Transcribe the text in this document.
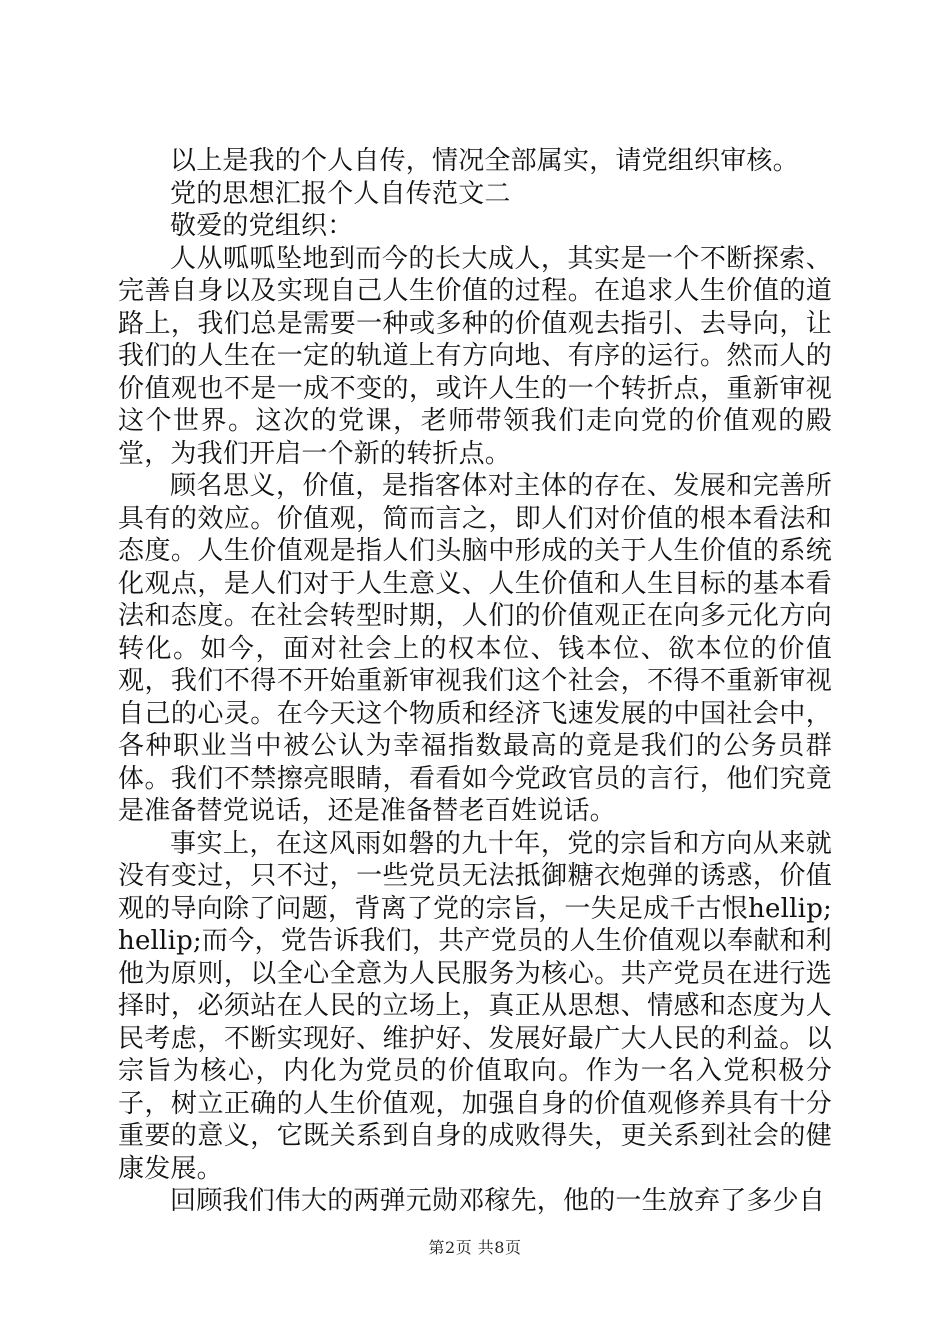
以上是我的个人自传，情况全部属实，请党组织审核。

党的思想汇报个人自传范文二

敬爱的党组织：

人从呱呱坠地到而今的长大成人，其实是一个不断探索、完善自身以及实现自己人生价值的过程。在追求人生价值的道路上，我们总是需要一种或多种的价值观去指引、去导向，让我们的人生在一定的轨道上有方向地、有序的运行。然而人的价值观也不是一成不变的，或许人生的一个转折点，重新审视这个世界。这次的党课，老师带领我们走向党的价值观的殿堂，为我们开启一个新的转折点。

顾名思义，价值，是指客体对主体的存在、发展和完善所具有的效应。价值观，简而言之，即人们对价值的根本看法和态度。人生价值观是指人们头脑中形成的关于人生价值的系统化观点，是人们对于人生意义、人生价值和人生目标的基本看法和态度。在社会转型时期，人们的价值观正在向多元化方向转化。如今，面对社会上的权本位、钱本位、欲本位的价值观，我们不得不开始重新审视我们这个社会，不得不重新审视自己的心灵。在今天这个物质和经济飞速发展的中国社会中，各种职业当中被公认为幸福指数最高的竟是我们的公务员群体。我们不禁擦亮眼睛，看看如今党政官员的言行，他们究竟是准备替党说话，还是准备替老百姓说话。

事实上，在这风雨如磐的九十年，党的宗旨和方向从来就没有变过，只不过，一些党员无法抵御糖衣炮弹的诱惑，价值观的导向除了问题，背离了党的宗旨，一失足成千古恨hellip;hellip;而今，党告诉我们，共产党员的人生价值观以奉献和利他为原则，以全心全意为人民服务为核心。共产党员在进行选择时，必须站在人民的立场上，真正从思想、情感和态度为人民考虑，不断实现好、维护好、发展好最广大人民的利益。以宗旨为核心，内化为党员的价值取向。作为一名入党积极分子，树立正确的人生价值观，加强自身的价值观修养具有十分重要的意义，它既关系到自身的成败得失，更关系到社会的健康发展。

回顾我们伟大的两弹元勋邓稼先，他的一生放弃了多少自

第2页 共8页
